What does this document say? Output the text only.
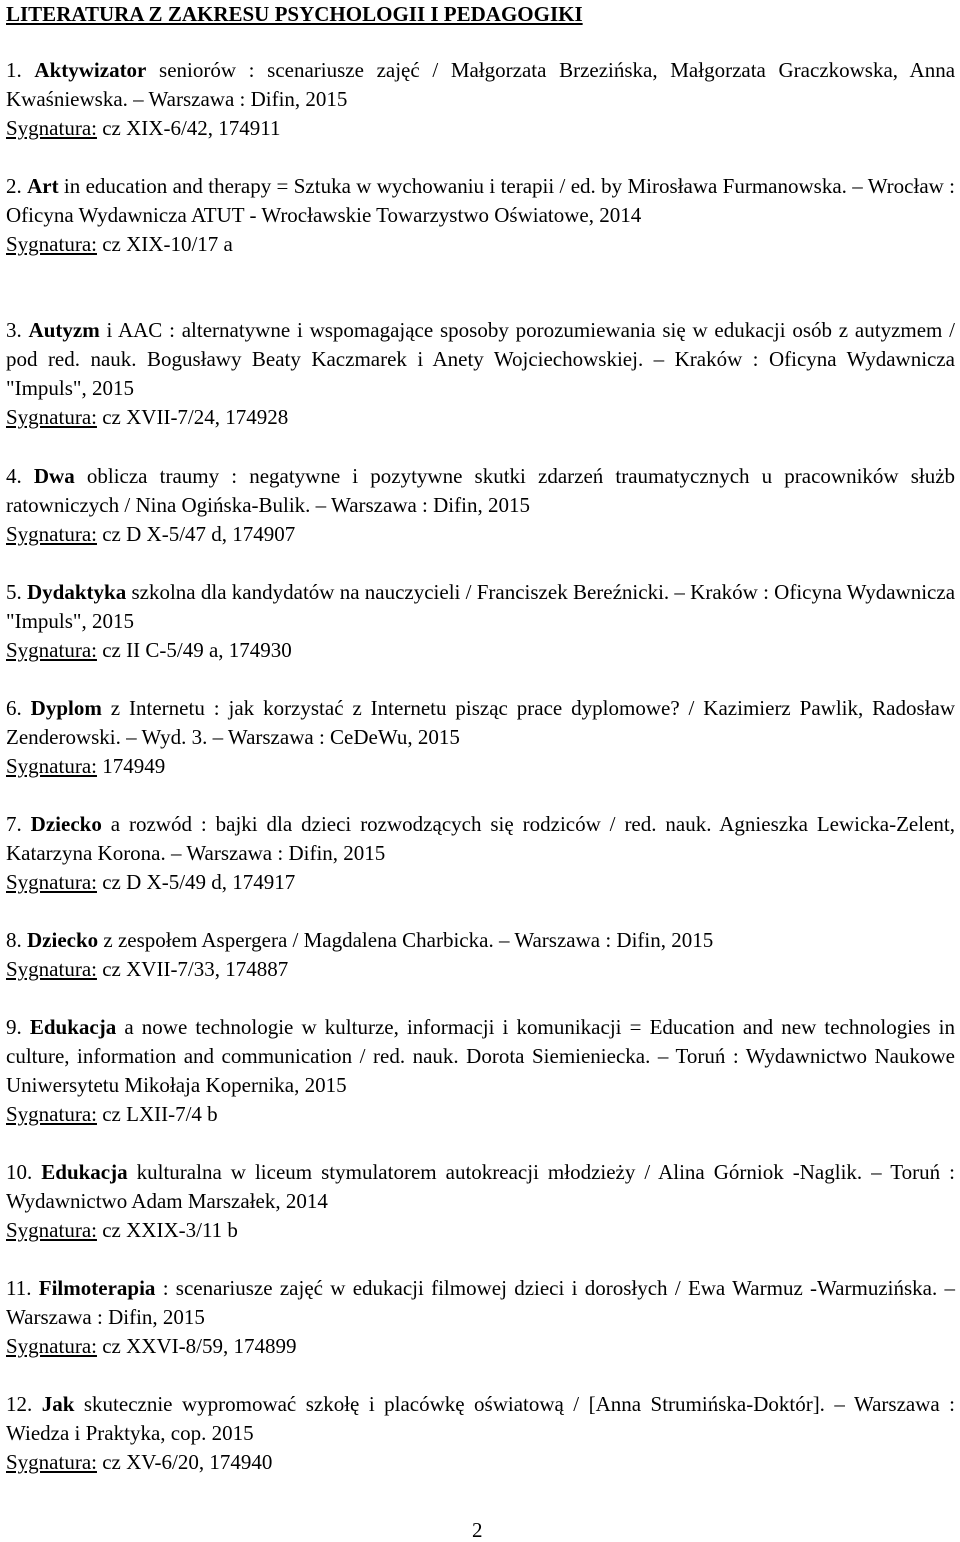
LITERATURA Z ZAKRESU PSYCHOLOGII I PEDAGOGIKI

1. Aktywizator seniorów : scenariusze zajęć / Małgorzata Brzezińska, Małgorzata Graczkowska, Anna Kwaśniewska. – Warszawa : Difin, 2015

Sygnatura: cz XIX-6/42, 174911

2. Art in education and therapy = Sztuka w wychowaniu i terapii / ed. by Mirosława Furmanowska. – Wrocław : Oficyna Wydawnicza ATUT - Wrocławskie Towarzystwo Oświatowe, 2014

Sygnatura: cz XIX-10/17 a

3. Autyzm i AAC : alternatywne i wspomagające sposoby porozumiewania się w edukacji osób z autyzmem / pod red. nauk. Bogusławy Beaty Kaczmarek i Anety Wojciechowskiej. – Kraków : Oficyna Wydawnicza "Impuls", 2015

Sygnatura: cz XVII-7/24, 174928

4. Dwa oblicza traumy : negatywne i pozytywne skutki zdarzeń traumatycznych u pracowników służb ratowniczych / Nina Ogińska-Bulik. – Warszawa : Difin, 2015

Sygnatura: cz D X-5/47 d, 174907

5. Dydaktyka szkolna dla kandydatów na nauczycieli / Franciszek Bereźnicki. – Kraków : Oficyna Wydawnicza "Impuls", 2015

Sygnatura: cz II C-5/49 a, 174930

6. Dyplom z Internetu : jak korzystać z Internetu pisząc prace dyplomowe? / Kazimierz Pawlik, Radosław Zenderowski. – Wyd. 3. – Warszawa : CeDeWu, 2015

Sygnatura: 174949

7. Dziecko a rozwód : bajki dla dzieci rozwodzących się rodziców / red. nauk. Agnieszka Lewicka-Zelent, Katarzyna Korona. – Warszawa : Difin, 2015

Sygnatura: cz D X-5/49 d, 174917

8. Dziecko z zespołem Aspergera / Magdalena Charbicka. – Warszawa : Difin, 2015

Sygnatura: cz XVII-7/33, 174887

9. Edukacja a nowe technologie w kulturze, informacji i komunikacji = Education and new technologies in culture, information and communication / red. nauk. Dorota Siemieniecka. – Toruń : Wydawnictwo Naukowe Uniwersytetu Mikołaja Kopernika, 2015

Sygnatura: cz LXII-7/4 b

10. Edukacja kulturalna w liceum stymulatorem autokreacji młodzieży / Alina Górniok -Naglik. – Toruń : Wydawnictwo Adam Marszałek, 2014

Sygnatura: cz XXIX-3/11 b

11. Filmoterapia : scenariusze zajęć w edukacji filmowej dzieci i dorosłych / Ewa Warmuz -Warmuzińska. – Warszawa : Difin, 2015

Sygnatura: cz XXVI-8/59, 174899

12. Jak skutecznie wypromować szkołę i placówkę oświatową / [Anna Strumińska-Doktór]. – Warszawa : Wiedza i Praktyka, cop. 2015

Sygnatura: cz XV-6/20, 174940
2
